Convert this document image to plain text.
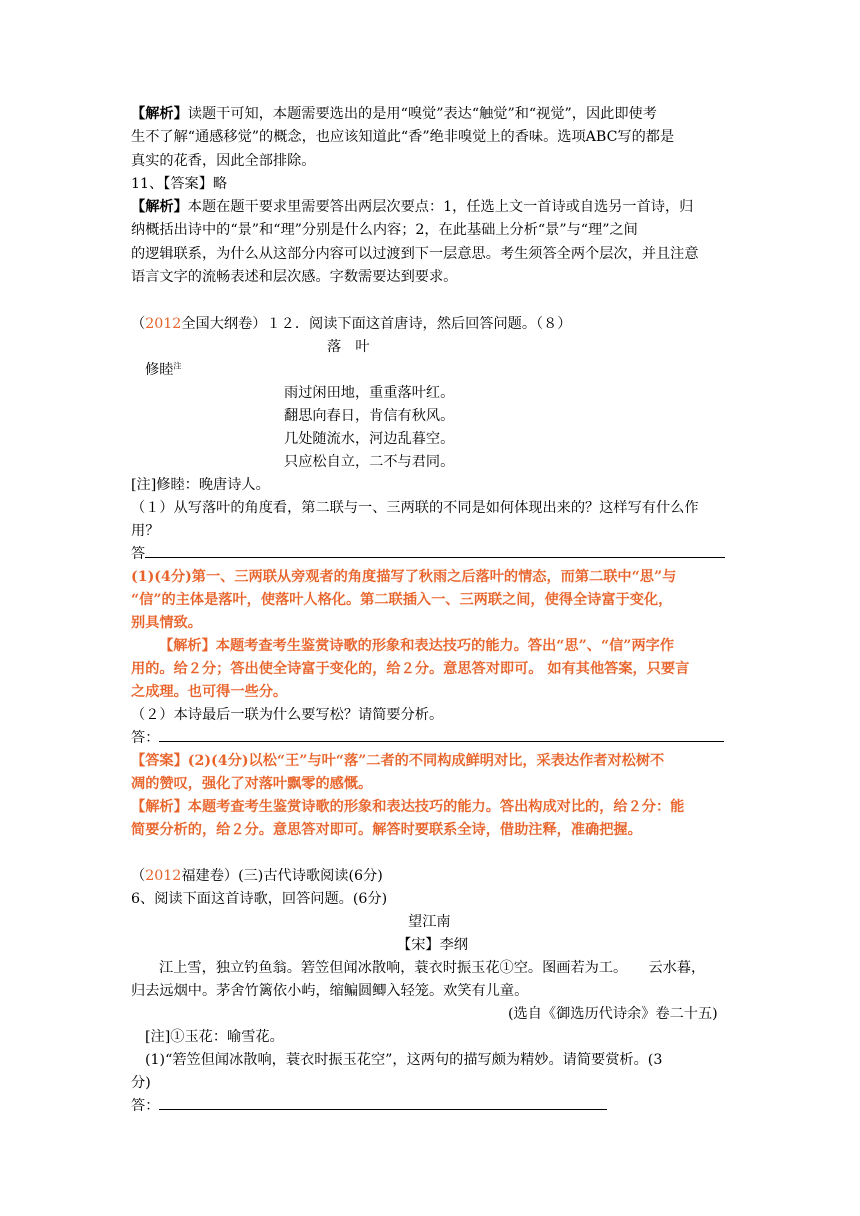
【解析】读题干可知，本题需要选出的是用“嗅觉”表达“触觉”和“视觉”，因此即使考
生不了解“通感移觉”的概念，也应该知道此“香”绝非嗅觉上的香味。选项ABC写的都是
真实的花香，因此全部排除。
11、【答案】略
【解析】本题在题干要求里需要答出两层次要点：1，任选上文一首诗或自选另一首诗，归
纳概括出诗中的“景”和“理”分别是什么内容；2，在此基础上分析“景”与“理”之间
的逻辑联系，为什么从这部分内容可以过渡到下一层意思。考生须答全两个层次，并且注意
语言文字的流畅表述和层次感。字数需要达到要求。
（2012全国大纲卷）１２．阅读下面这首唐诗，然后回答问题。（８）
落　叶
修睦$^注$
雨过闲田地，重重落叶红。
翻思向春日，肯信有秋风。
几处随流水，河边乱暮空。
只应松自立，二不与君同。
[注]修睦：晚唐诗人。
（１）从写落叶的角度看，第二联与一、三两联的不同是如何体现出来的？这样写有什么作
用？
答
(1)(4分)第一、三两联从旁观者的角度描写了秋雨之后落叶的情态，而第二联中“思”与
“信”的主体是落叶，使落叶人格化。第二联插入一、三两联之间，使得全诗富于变化，
别具情致。
【解析】本题考查考生鉴赏诗歌的形象和表达技巧的能力。答出“思”、“信”两字作
用的。给２分；答出使全诗富于变化的，给２分。意思答对即可。 如有其他答案，只要言
之成理。也可得一些分。
（２）本诗最后一联为什么要写松？请简要分析。
答：
【答案】(2)(4分)以松“王”与叶“落”二者的不同构成鲜明对比，采表达作者对松树不
凋的赞叹，强化了对落叶飘零的感慨。
【解析】本题考查考生鉴赏诗歌的形象和表达技巧的能力。答出构成对比的，给２分：能
简要分析的，给２分。意思答对即可。解答时要联系全诗，借助注释，准确把握。
（2012福建卷）(三)古代诗歌阅读(6分)
6、阅读下面这首诗歌，回答问题。(6分)
望江南
【宋】李纲
江上雪，独立钓鱼翁。箬笠但闻冰散响，蓑衣时振玉花①空。图画若为工。　　云水暮，
归去远烟中。茅舍竹篱依小屿，缩鳊圆鲫入轻笼。欢笑有儿童。
(选自《御选历代诗余》卷二十五)
[注]①玉花：喻雪花。
(1)“箬笠但闻冰散响，蓑衣时振玉花空”，这两句的描写颇为精妙。请简要赏析。(3
分)
答：
